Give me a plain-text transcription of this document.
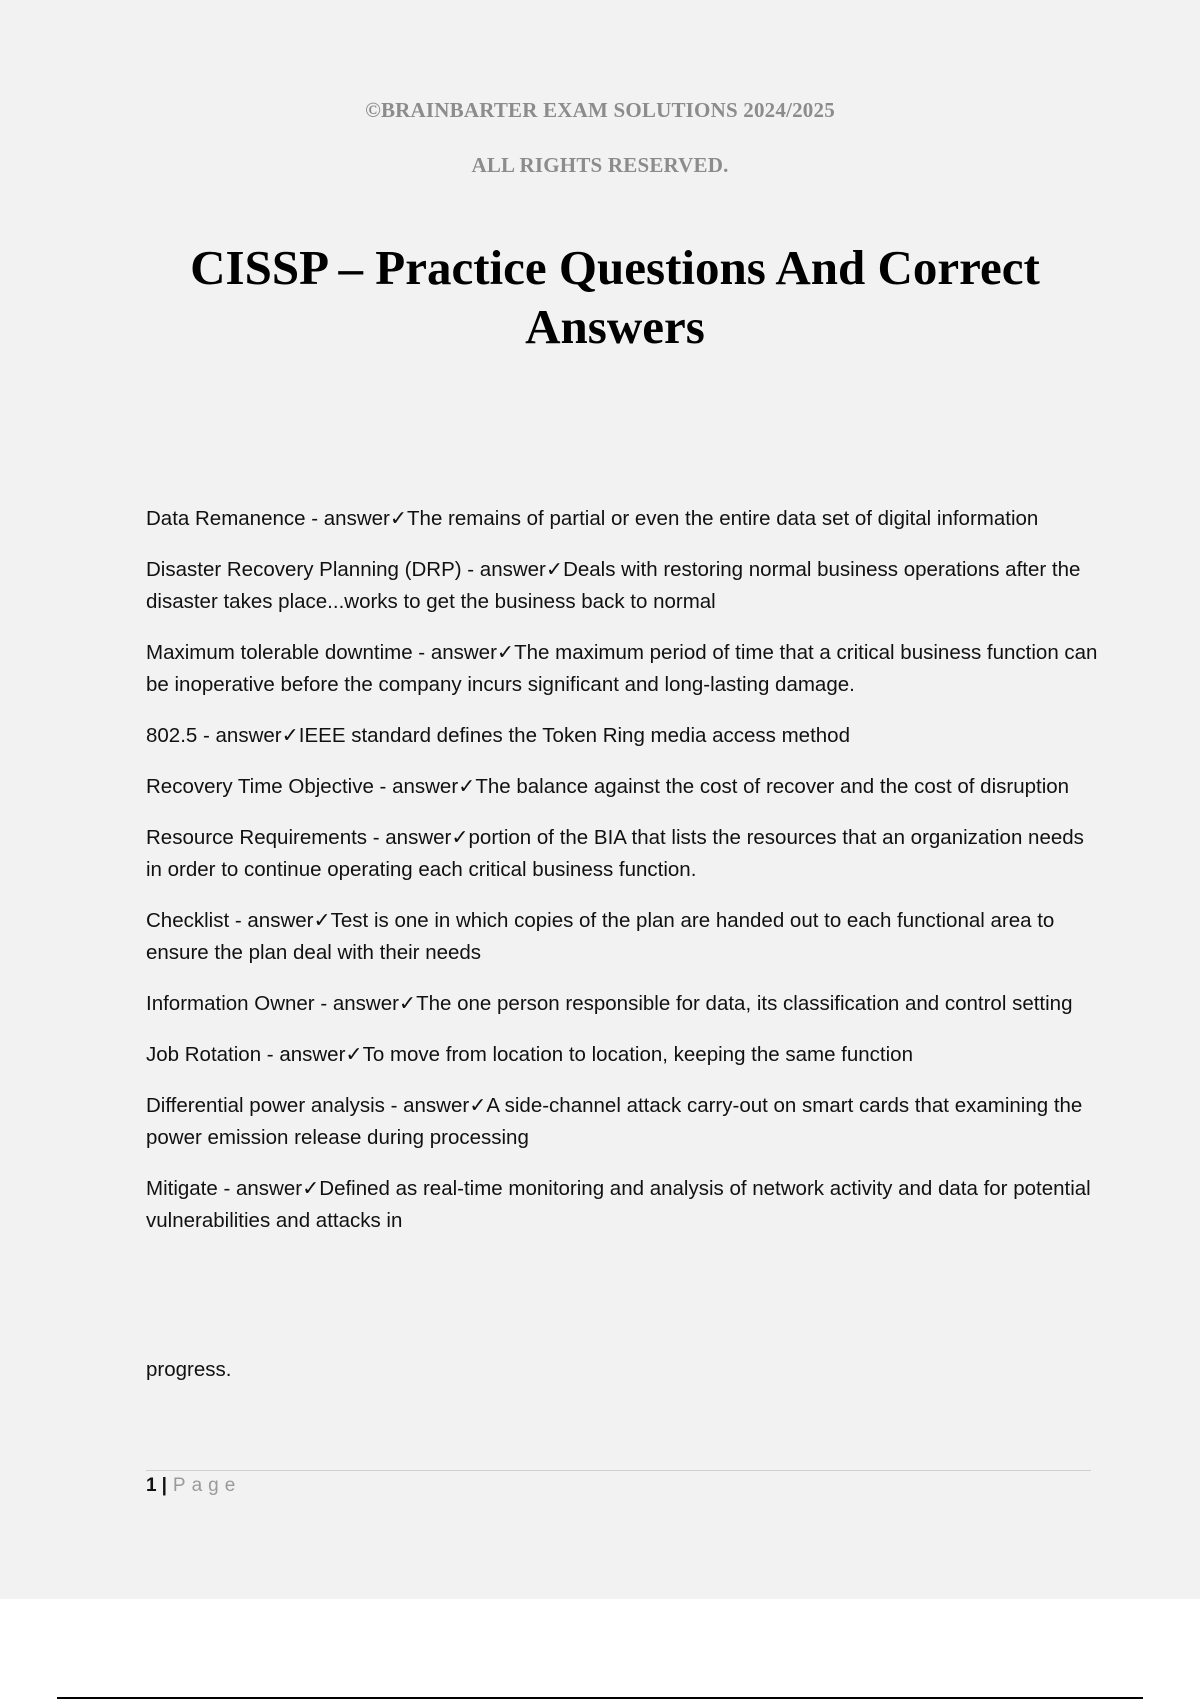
©BRAINBARTER EXAM SOLUTIONS 2024/2025
ALL RIGHTS RESERVED.
CISSP – Practice Questions And Correct Answers

Data Remanence - answer✓The remains of partial or even the entire data set of digital information

Disaster Recovery Planning (DRP) - answer✓Deals with restoring normal business operations after the disaster takes place...works to get the business back to normal

Maximum tolerable downtime - answer✓The maximum period of time that a critical business function can be inoperative before the company incurs significant and long-lasting damage.

802.5 - answer✓IEEE standard defines the Token Ring media access method

Recovery Time Objective - answer✓The balance against the cost of recover and the cost of disruption

Resource Requirements - answer✓portion of the BIA that lists the resources that an organization needs in order to continue operating each critical business function.

Checklist - answer✓Test is one in which copies of the plan are handed out to each functional area to ensure the plan deal with their needs

Information Owner - answer✓The one person responsible for data, its classification and control setting

Job Rotation - answer✓To move from location to location, keeping the same function

Differential power analysis - answer✓A side-channel attack carry-out on smart cards that examining the power emission release during processing

Mitigate - answer✓Defined as real-time monitoring and analysis of network activity and data for potential vulnerabilities and attacks in

progress.

1 | Page
